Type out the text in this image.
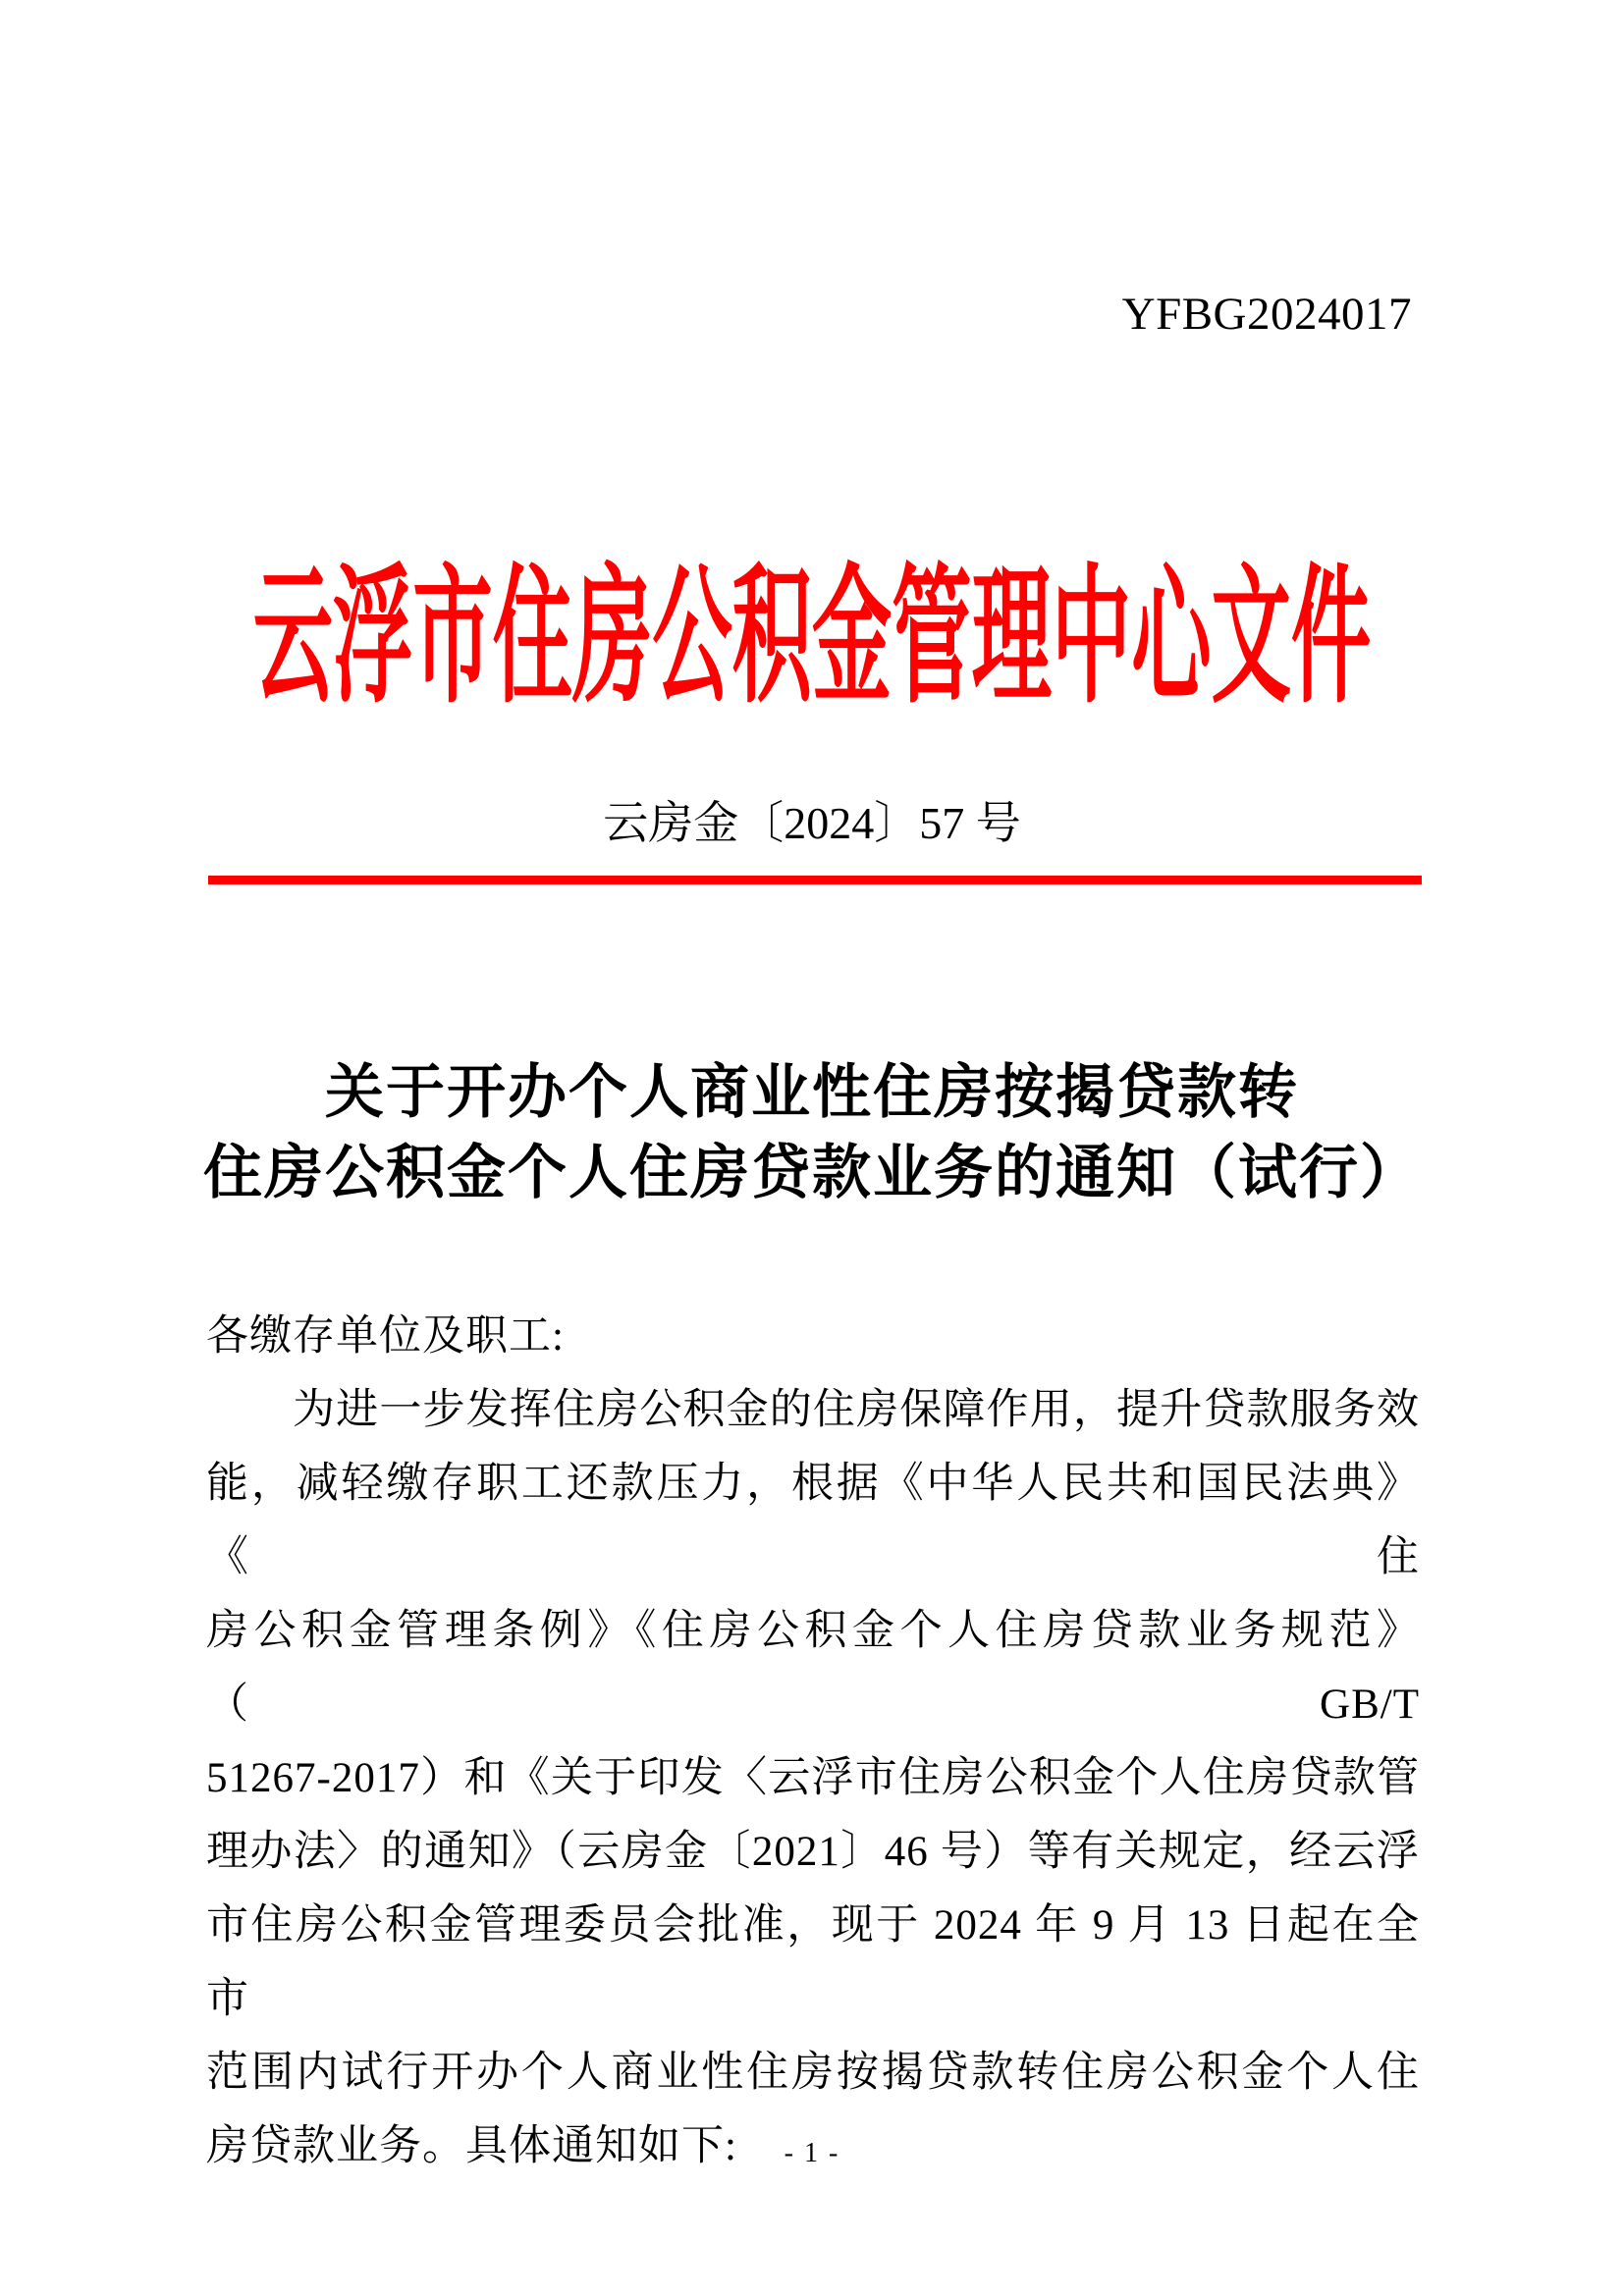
YFBG2024017
云浮市住房公积金管理中心文件
云房金〔2024〕57 号
关于开办个人商业性住房按揭贷款转
住房公积金个人住房贷款业务的通知（试行）
各缴存单位及职工:
为进一步发挥住房公积金的住房保障作用，提升贷款服务效
能，减轻缴存职工还款压力，根据《中华人民共和国民法典》《住
房公积金管理条例》《住房公积金个人住房贷款业务规范》（GB/T
51267-2017）和《关于印发〈云浮市住房公积金个人住房贷款管
理办法〉的通知》（云房金〔2021〕46 号）等有关规定，经云浮
市住房公积金管理委员会批准，现于 2024 年 9 月 13 日起在全市
范围内试行开办个人商业性住房按揭贷款转住房公积金个人住
房贷款业务。具体通知如下:	- 1 -
